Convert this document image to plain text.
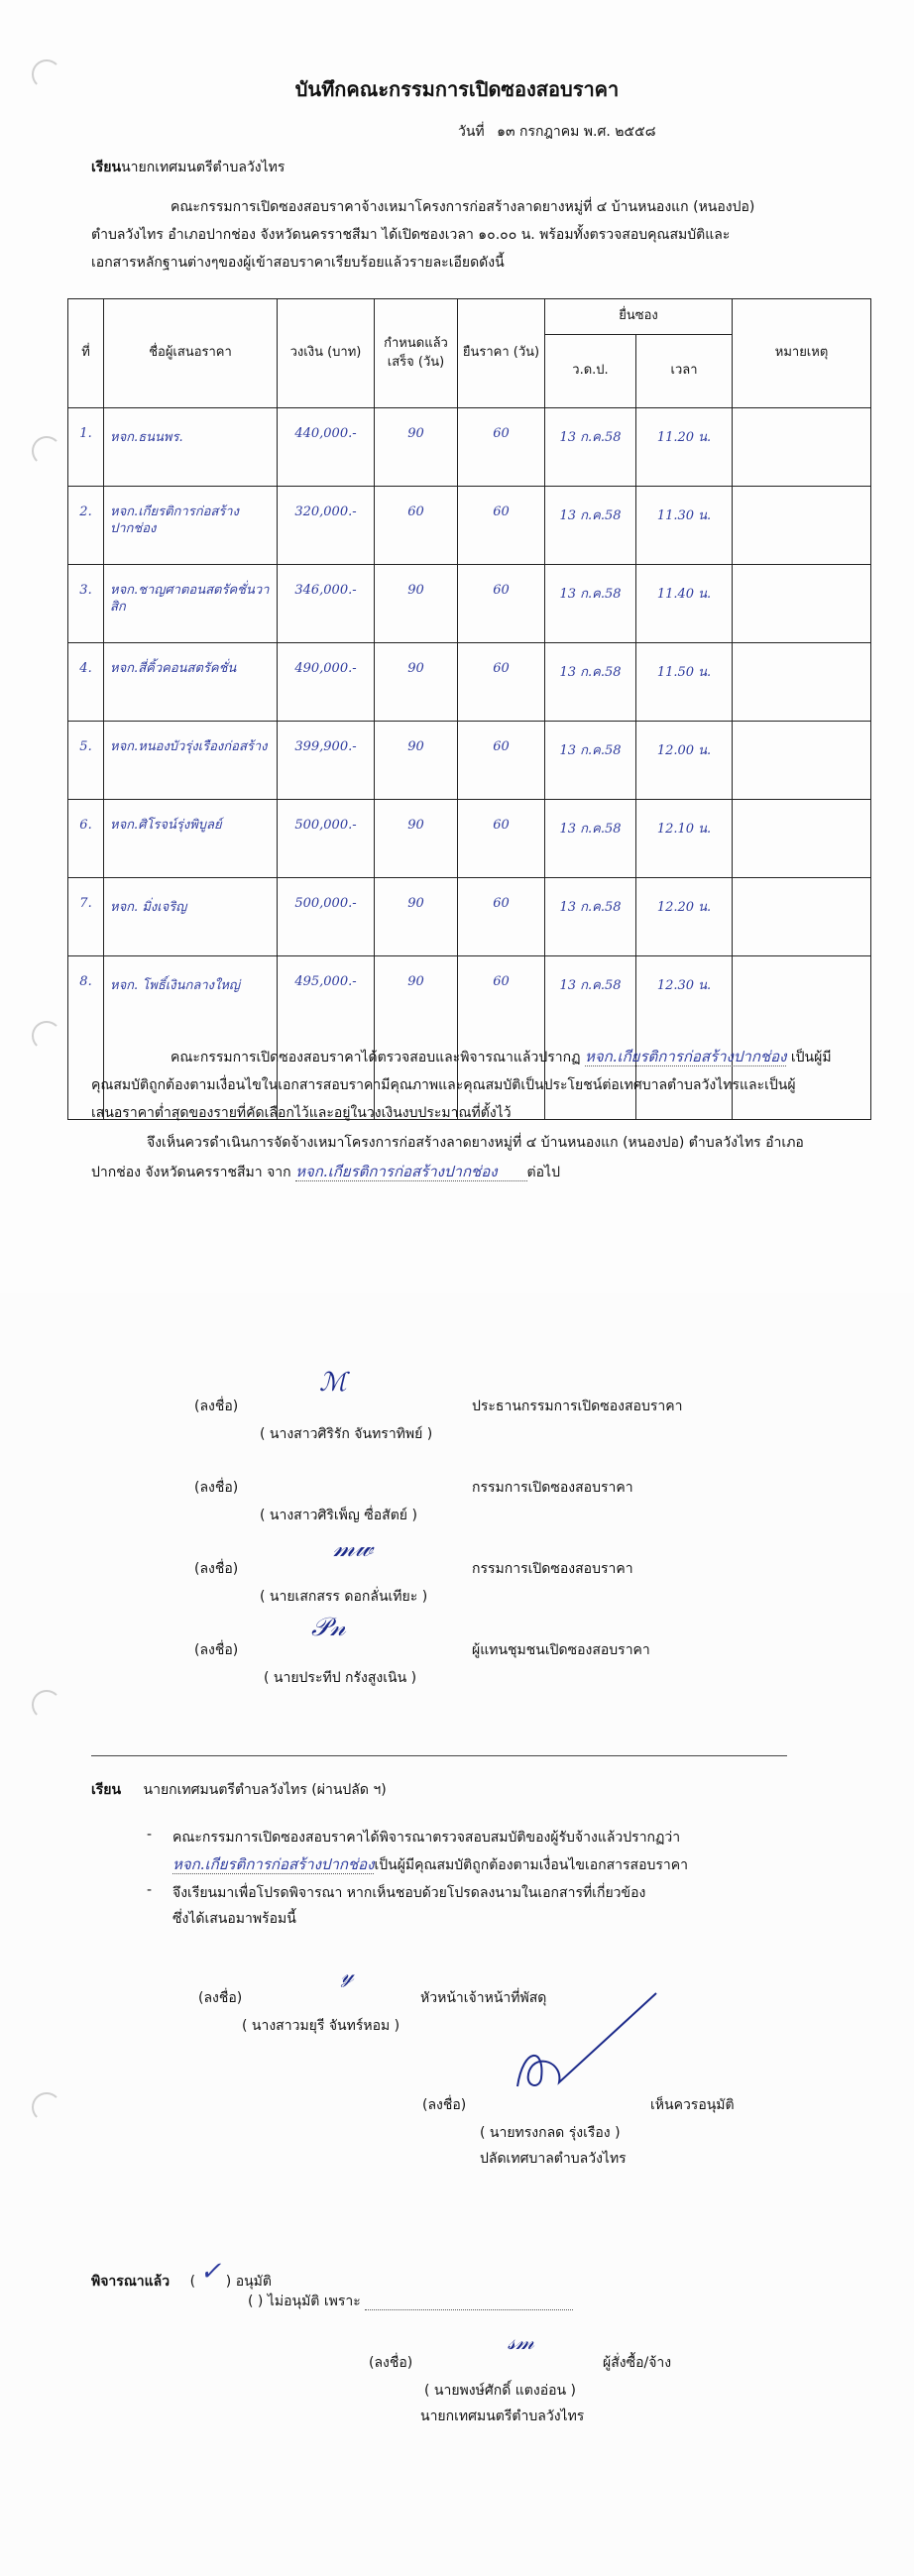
บันทึกคณะกรรมการเปิดซองสอบราคา
วันที่ ๑๓ กรกฎาคม พ.ศ. ๒๕๕๘
เรียนนายกเทศมนตรีตำบลวังไทร
คณะกรรมการเปิดซองสอบราคาจ้างเหมาโครงการก่อสร้างลาดยางหมู่ที่ ๔ บ้านหนองแก (หนองปอ)
ตำบลวังไทร อำเภอปากช่อง จังหวัดนครราชสีมา ได้เปิดซองเวลา ๑๐.๐๐ น. พร้อมทั้งตรวจสอบคุณสมบัติและ
เอกสารหลักฐานต่างๆของผู้เข้าสอบราคาเรียบร้อยแล้วรายละเอียดดังนี้
ที่	ชื่อผู้เสนอราคา	วงเงิน (บาท)	กำหนดแล้วเสร็จ (วัน)	ยืนราคา (วัน)	ยื่นซอง		หมายเหตุ
					ว.ด.ป.	เวลา	
1.	หจก.ธนนพร.	440,000.-	90	60	13 ก.ค.58	11.20 น.	
2.	หจก.เกียรติการก่อสร้างปากช่อง	320,000.-	60	60	13 ก.ค.58	11.30 น.	
3.	หจก.ชาญศาตอนสตรัคชั่นวาสิก	346,000.-	90	60	13 ก.ค.58	11.40 น.	
4.	หจก.สี่คิ้วคอนสตรัคชั่น	490,000.-	90	60	13 ก.ค.58	11.50 น.	
5.	หจก.หนองบัวรุ่งเรืองก่อสร้าง	399,900.-	90	60	13 ก.ค.58	12.00 น.	
6.	หจก.ศิโรจน์รุ่งพิบูลย์	500,000.-	90	60	13 ก.ค.58	12.10 น.	
7.	หจก. มิ่งเจริญ	500,000.-	90	60	13 ก.ค.58	12.20 น.	
8.	หจก. โพธิ์เงินกลางใหญ่	495,000.-	90	60	13 ก.ค.58	12.30 น.	
คณะกรรมการเปิดซองสอบราคาได้ตรวจสอบและพิจารณาแล้วปรากฏ หจก.เกียรติการก่อสร้างปากช่อง เป็นผู้มี
คุณสมบัติถูกต้องตามเงื่อนไขในเอกสารสอบราคามีคุณภาพและคุณสมบัติเป็นประโยชน์ต่อเทศบาลตำบลวังไทรและเป็นผู้
เสนอราคาต่ำสุดของรายที่คัดเลือกไว้และอยู่ในวงเงินงบประมาณที่ตั้งไว้
จึงเห็นควรดำเนินการจัดจ้างเหมาโครงการก่อสร้างลาดยางหมู่ที่ ๔ บ้านหนองแก (หนองปอ) ตำบลวังไทร อำเภอ
ปากช่อง จังหวัดนครราชสีมา จาก หจก.เกียรติการก่อสร้างปากช่อง ต่อไป
(ลงชื่อ)
ℳ
( นางสาวศิริรัก จันทราทิพย์ )
ประธานกรรมการเปิดซองสอบราคา
(ลงชื่อ)
( นางสาวศิริเพ็ญ ซื่อสัตย์ )
กรรมการเปิดซองสอบราคา
(ลงชื่อ)
𝓂𝓌
( นายเสกสรร ดอกลั่นเทียะ )
กรรมการเปิดซองสอบราคา
(ลงชื่อ)
𝒫𝓃
( นายประทีป กรังสูงเนิน )
ผู้แทนชุมชนเปิดซองสอบราคา
เรียน นายกเทศมนตรีตำบลวังไทร (ผ่านปลัด ฯ)
- คณะกรรมการเปิดซองสอบราคาได้พิจารณาตรวจสอบสมบัติของผู้รับจ้างแล้วปรากฏว่า
หจก.เกียรติการก่อสร้างปากช่องเป็นผู้มีคุณสมบัติถูกต้องตามเงื่อนไขเอกสารสอบราคา
- จึงเรียนมาเพื่อโปรดพิจารณา หากเห็นชอบด้วยโปรดลงนามในเอกสารที่เกี่ยวข้อง
ซึ่งได้เสนอมาพร้อมนี้
(ลงชื่อ)
𝓎
( นางสาวมยุรี จันทร์หอม )
หัวหน้าเจ้าหน้าที่พัสดุ
(ลงชื่อ)	เห็นควรอนุมัติ
( นายทรงกลด รุ่งเรือง )
ปลัดเทศบาลตำบลวังไทร
พิจารณาแล้ว ( ✓ ) อนุมัติ
( ) ไม่อนุมัติ เพราะ
(ลงชื่อ)
𝓈𝓂
ผู้สั่งซื้อ/จ้าง
( นายพงษ์ศักดิ์ แตงอ่อน )
นายกเทศมนตรีตำบลวังไทร
